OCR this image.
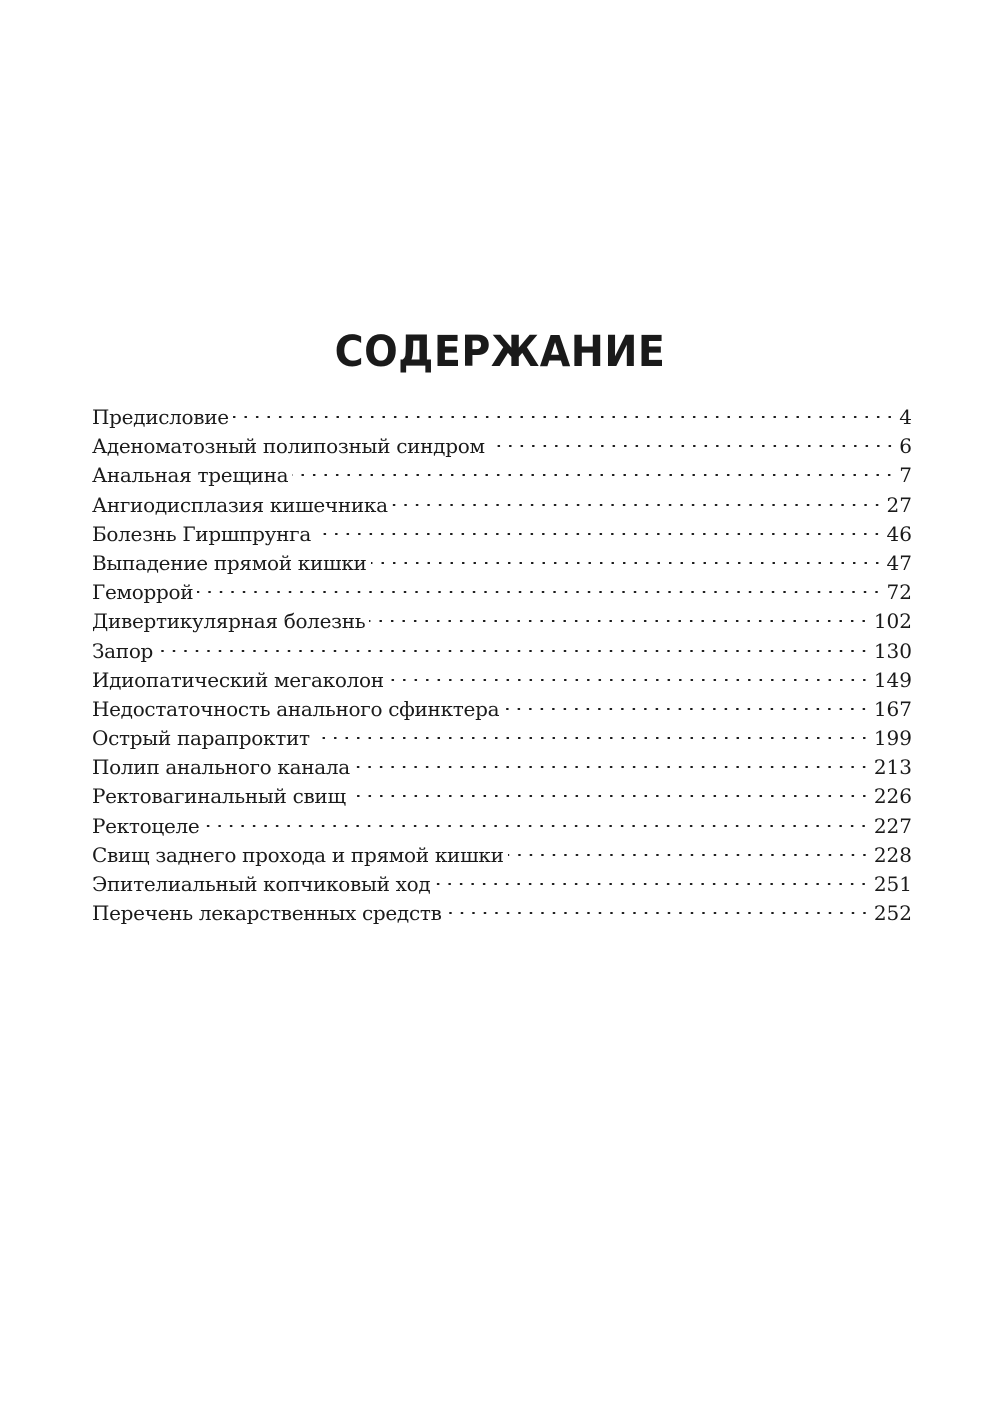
СОДЕРЖАНИЕ
Предисловие	4
Аденоматозный полипозный синдром	6
Анальная трещина	7
Ангиодисплазия кишечника	27
Болезнь Гиршпрунга	46
Выпадение прямой кишки	47
Геморрой	72
Дивертикулярная болезнь	102
Запор	130
Идиопатический мегаколон	149
Недостаточность анального сфинктера	167
Острый парапроктит	199
Полип анального канала	213
Ректовагинальный свищ	226
Ректоцеле	227
Свищ заднего прохода и прямой кишки	228
Эпителиальный копчиковый ход	251
Перечень лекарственных средств	252
